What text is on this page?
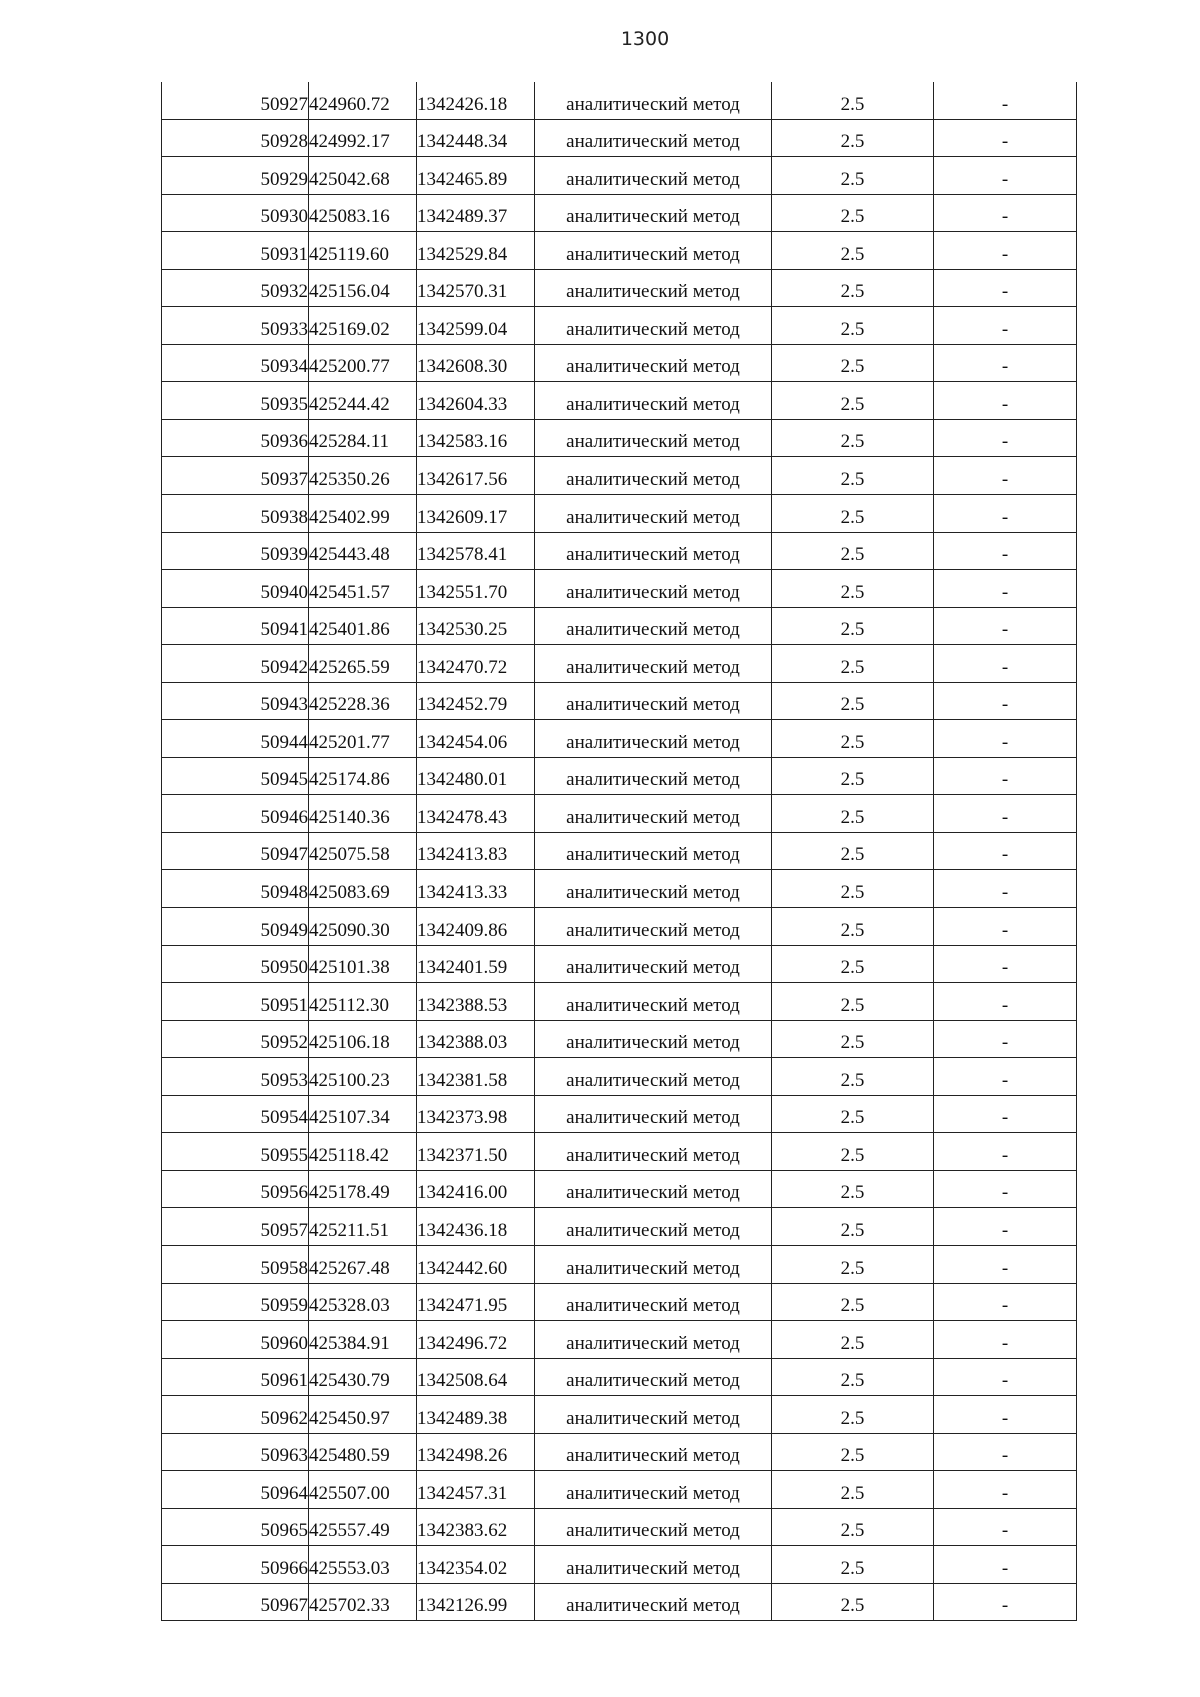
1300
50927	424960.72	1342426.18	аналитический метод	2.5	-
50928	424992.17	1342448.34	аналитический метод	2.5	-
50929	425042.68	1342465.89	аналитический метод	2.5	-
50930	425083.16	1342489.37	аналитический метод	2.5	-
50931	425119.60	1342529.84	аналитический метод	2.5	-
50932	425156.04	1342570.31	аналитический метод	2.5	-
50933	425169.02	1342599.04	аналитический метод	2.5	-
50934	425200.77	1342608.30	аналитический метод	2.5	-
50935	425244.42	1342604.33	аналитический метод	2.5	-
50936	425284.11	1342583.16	аналитический метод	2.5	-
50937	425350.26	1342617.56	аналитический метод	2.5	-
50938	425402.99	1342609.17	аналитический метод	2.5	-
50939	425443.48	1342578.41	аналитический метод	2.5	-
50940	425451.57	1342551.70	аналитический метод	2.5	-
50941	425401.86	1342530.25	аналитический метод	2.5	-
50942	425265.59	1342470.72	аналитический метод	2.5	-
50943	425228.36	1342452.79	аналитический метод	2.5	-
50944	425201.77	1342454.06	аналитический метод	2.5	-
50945	425174.86	1342480.01	аналитический метод	2.5	-
50946	425140.36	1342478.43	аналитический метод	2.5	-
50947	425075.58	1342413.83	аналитический метод	2.5	-
50948	425083.69	1342413.33	аналитический метод	2.5	-
50949	425090.30	1342409.86	аналитический метод	2.5	-
50950	425101.38	1342401.59	аналитический метод	2.5	-
50951	425112.30	1342388.53	аналитический метод	2.5	-
50952	425106.18	1342388.03	аналитический метод	2.5	-
50953	425100.23	1342381.58	аналитический метод	2.5	-
50954	425107.34	1342373.98	аналитический метод	2.5	-
50955	425118.42	1342371.50	аналитический метод	2.5	-
50956	425178.49	1342416.00	аналитический метод	2.5	-
50957	425211.51	1342436.18	аналитический метод	2.5	-
50958	425267.48	1342442.60	аналитический метод	2.5	-
50959	425328.03	1342471.95	аналитический метод	2.5	-
50960	425384.91	1342496.72	аналитический метод	2.5	-
50961	425430.79	1342508.64	аналитический метод	2.5	-
50962	425450.97	1342489.38	аналитический метод	2.5	-
50963	425480.59	1342498.26	аналитический метод	2.5	-
50964	425507.00	1342457.31	аналитический метод	2.5	-
50965	425557.49	1342383.62	аналитический метод	2.5	-
50966	425553.03	1342354.02	аналитический метод	2.5	-
50967	425702.33	1342126.99	аналитический метод	2.5	-
